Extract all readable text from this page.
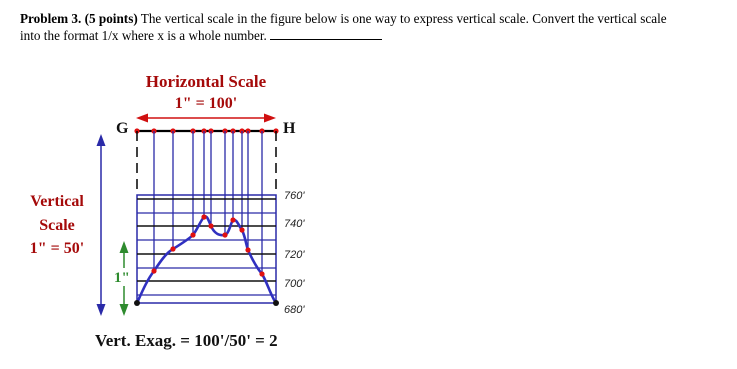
Problem 3. (5 points) The vertical scale in the figure below is one way to express vertical scale. Convert the vertical scale
into the format 1/x where x is a whole number.
Horizontal Scale
1" = 100'
G	H
760'
740'
720'
700'
680'
Vertical
Scale
1" = 50'
1"
Vert. Exag. = 100'/50' = 2
